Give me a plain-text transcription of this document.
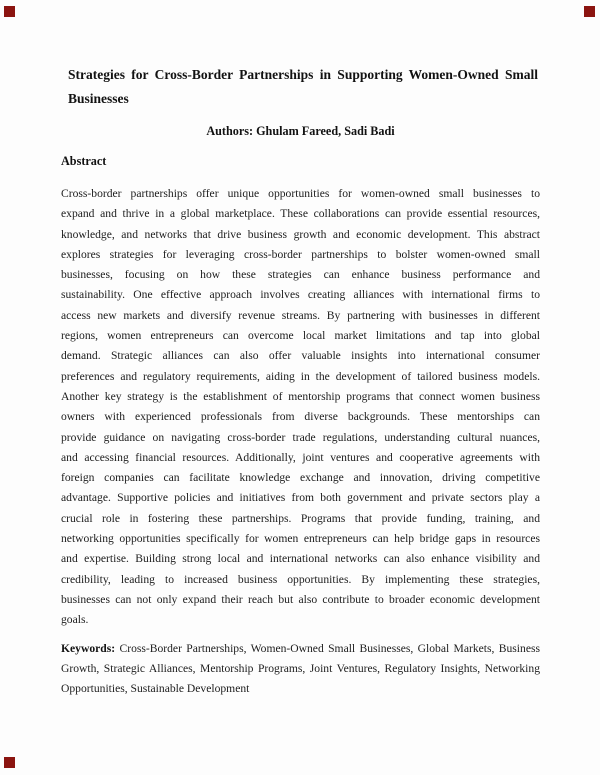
Strategies for Cross-Border Partnerships in Supporting Women-Owned Small Businesses
Authors: Ghulam Fareed, Sadi Badi
Abstract
Cross-border partnerships offer unique opportunities for women-owned small businesses to
expand and thrive in a global marketplace. These collaborations can provide essential resources,
knowledge, and networks that drive business growth and economic development. This abstract
explores strategies for leveraging cross-border partnerships to bolster women-owned small
businesses, focusing on how these strategies can enhance business performance and
sustainability. One effective approach involves creating alliances with international firms to
access new markets and diversify revenue streams. By partnering with businesses in different
regions, women entrepreneurs can overcome local market limitations and tap into global
demand. Strategic alliances can also offer valuable insights into international consumer
preferences and regulatory requirements, aiding in the development of tailored business models.
Another key strategy is the establishment of mentorship programs that connect women business
owners with experienced professionals from diverse backgrounds. These mentorships can
provide guidance on navigating cross-border trade regulations, understanding cultural nuances,
and accessing financial resources. Additionally, joint ventures and cooperative agreements with
foreign companies can facilitate knowledge exchange and innovation, driving competitive
advantage. Supportive policies and initiatives from both government and private sectors play a
crucial role in fostering these partnerships. Programs that provide funding, training, and
networking opportunities specifically for women entrepreneurs can help bridge gaps in resources
and expertise. Building strong local and international networks can also enhance visibility and
credibility, leading to increased business opportunities. By implementing these strategies,
businesses can not only expand their reach but also contribute to broader economic development
goals.
Keywords: Cross-Border Partnerships, Women-Owned Small Businesses, Global Markets, Business Growth, Strategic Alliances, Mentorship Programs, Joint Ventures, Regulatory Insights, Networking Opportunities, Sustainable Development
